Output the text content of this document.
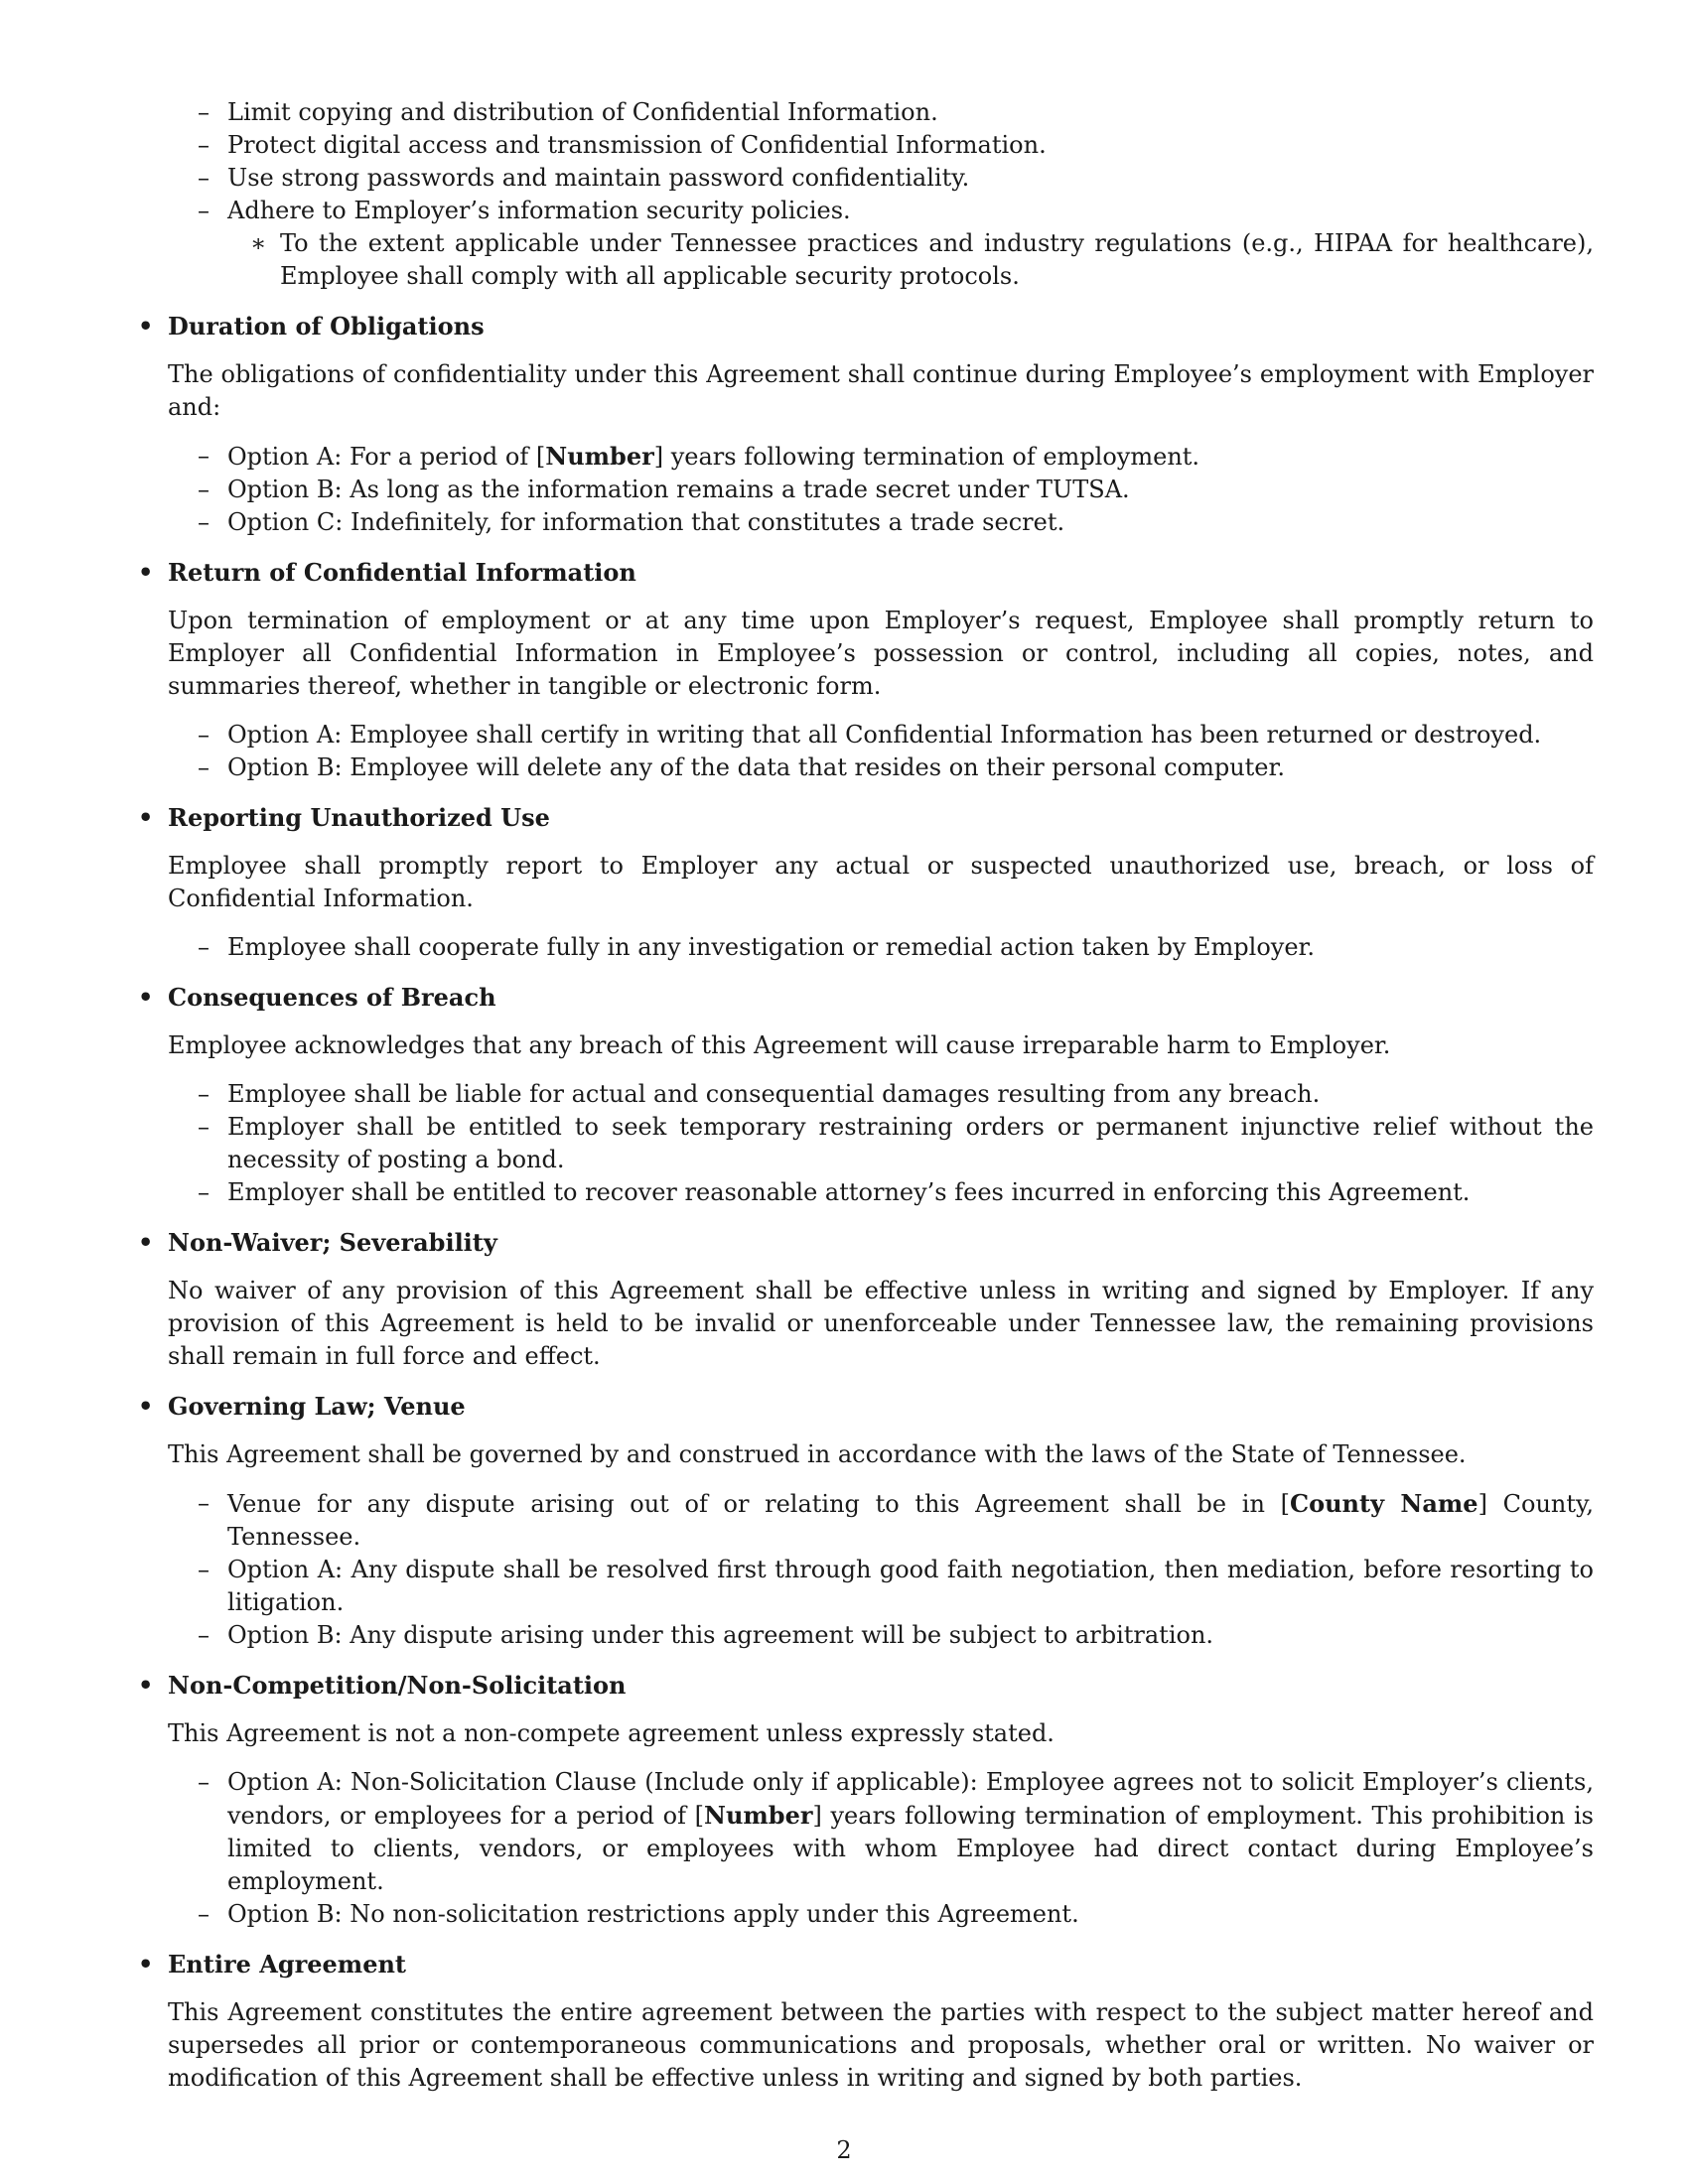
– Limit copying and distribution of Confidential Information.
– Protect digital access and transmission of Confidential Information.
– Use strong passwords and maintain password confidentiality.
– Adhere to Employer’s information security policies.
∗ To the extent applicable under Tennessee practices and industry regulations (e.g., HIPAA for healthcare), Employee shall comply with all applicable security protocols.
• Duration of Obligations
The obligations of confidentiality under this Agreement shall continue during Employee’s employment with Employer and:
– Option A: For a period of [Number] years following termination of employment.
– Option B: As long as the information remains a trade secret under TUTSA.
– Option C: Indefinitely, for information that constitutes a trade secret.
• Return of Confidential Information
Upon termination of employment or at any time upon Employer’s request, Employee shall promptly return to Employer all Confidential Information in Employee’s possession or control, including all copies, notes, and summaries thereof, whether in tangible or electronic form.
– Option A: Employee shall certify in writing that all Confidential Information has been returned or destroyed.
– Option B: Employee will delete any of the data that resides on their personal computer.
• Reporting Unauthorized Use
Employee shall promptly report to Employer any actual or suspected unauthorized use, breach, or loss of Confidential Information.
– Employee shall cooperate fully in any investigation or remedial action taken by Employer.
• Consequences of Breach
Employee acknowledges that any breach of this Agreement will cause irreparable harm to Employer.
– Employee shall be liable for actual and consequential damages resulting from any breach.
– Employer shall be entitled to seek temporary restraining orders or permanent injunctive relief without the necessity of posting a bond.
– Employer shall be entitled to recover reasonable attorney’s fees incurred in enforcing this Agreement.
• Non-Waiver; Severability
No waiver of any provision of this Agreement shall be effective unless in writing and signed by Employer. If any provision of this Agreement is held to be invalid or unenforceable under Tennessee law, the remaining provisions shall remain in full force and effect.
• Governing Law; Venue
This Agreement shall be governed by and construed in accordance with the laws of the State of Tennessee.
– Venue for any dispute arising out of or relating to this Agreement shall be in [County Name] County, Tennessee.
– Option A: Any dispute shall be resolved first through good faith negotiation, then mediation, before resorting to litigation.
– Option B: Any dispute arising under this agreement will be subject to arbitration.
• Non-Competition/Non-Solicitation
This Agreement is not a non-compete agreement unless expressly stated.
– Option A: Non-Solicitation Clause (Include only if applicable): Employee agrees not to solicit Employer’s clients, vendors, or employees for a period of [Number] years following termination of employment. This prohibition is limited to clients, vendors, or employees with whom Employee had direct contact during Employee’s employment.
– Option B: No non-solicitation restrictions apply under this Agreement.
• Entire Agreement
This Agreement constitutes the entire agreement between the parties with respect to the subject matter hereof and supersedes all prior or contemporaneous communications and proposals, whether oral or written. No waiver or modification of this Agreement shall be effective unless in writing and signed by both parties.
2
